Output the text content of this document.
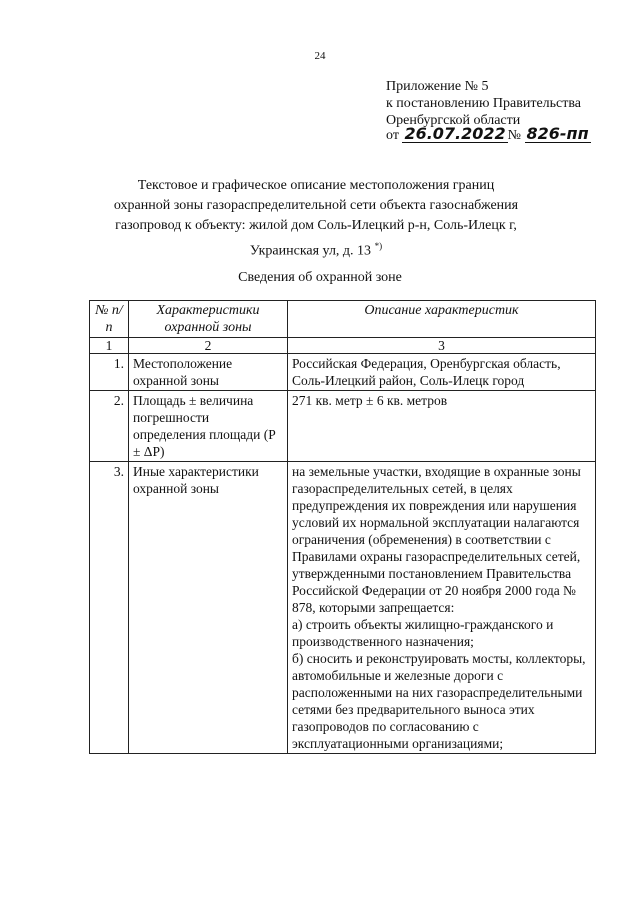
24
Приложение № 5
к постановлению Правительства
Оренбургской области
от 26.07.2022 № 826-пп
Текстовое и графическое описание местоположения границ
охранной зоны газораспределительной сети объекта газоснабжения
газопровод к объекту: жилой дом Соль-Илецкий р-н, Соль-Илецк г,
Украинская ул, д. 13 *)
Сведения об охранной зоне
№ п/п	Характеристики охранной зоны	Описание характеристик
1	2	3
1.	Местоположение охранной зоны	Российская Федерация, Оренбургская область, Соль-Илецкий район, Соль-Илецк город

2.	Площадь ± величина погрешности определения площади (P ± ΔP)	271 кв. метр ± 6 кв. метров

3.	Иные характеристики охранной зоны	на земельные участки, входящие в охранные зоны газораспределительных сетей, в целях предупреждения их повреждения или нарушения условий их нормальной эксплуатации налагаются ограничения (обременения) в соответствии с Правилами охраны газораспределительных сетей, утвержденными постановлением Правительства Российской Федерации от 20 ноября 2000 года № 878, которыми запрещается:
а) строить объекты жилищно-гражданского и производственного назначения;
б) сносить и реконструировать мосты, коллекторы, автомобильные и железные дороги с расположенными на них газораспределительными сетями без предварительного выноса этих газопроводов по согласованию с эксплуатационными организациями;
